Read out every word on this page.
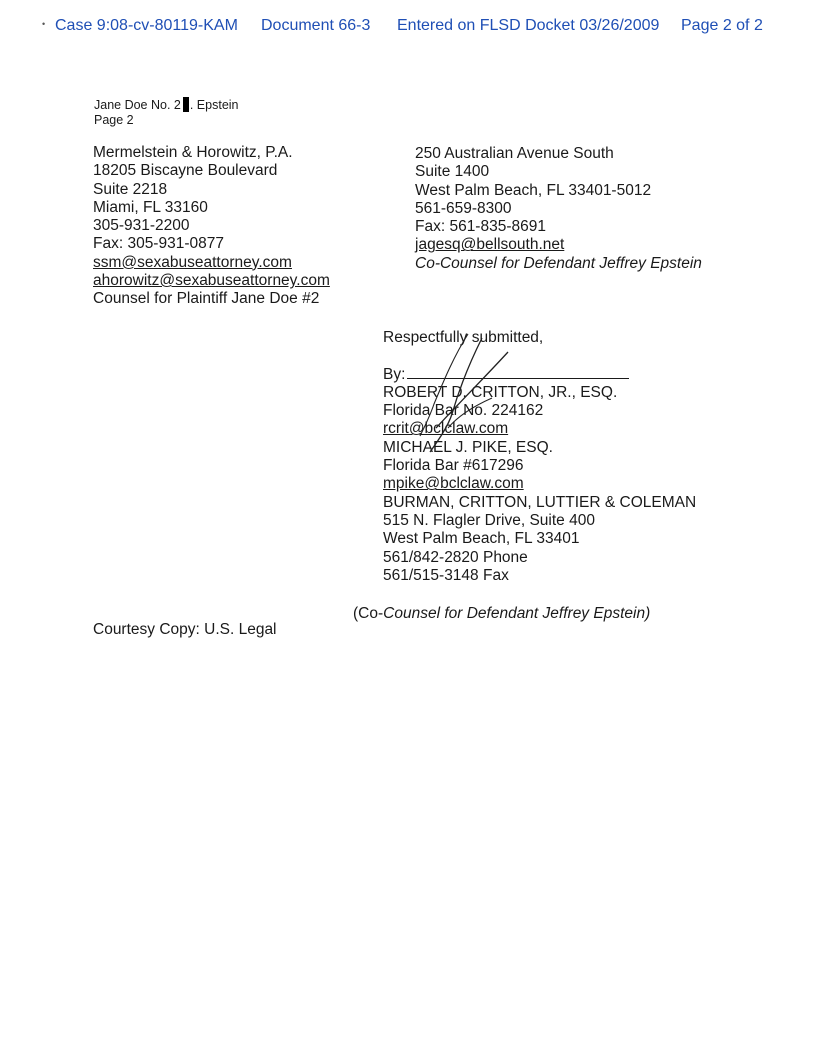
• Case 9:08-cv-80119-KAM Document 66-3 Entered on FLSD Docket 03/26/2009 Page 2 of 2
Jane Doe No. 2 . Epstein
Page 2
Mermelstein & Horowitz, P.A.
18205 Biscayne Boulevard
Suite 2218
Miami, FL 33160
305-931-2200
Fax: 305-931-0877
ssm@sexabuseattorney.com
ahorowitz@sexabuseattorney.com
Counsel for Plaintiff Jane Doe #2
250 Australian Avenue South
Suite 1400
West Palm Beach, FL 33401-5012
561-659-8300
Fax: 561-835-8691
jagesq@bellsouth.net
Co-Counsel for Defendant Jeffrey Epstein
Respectfully submitted,
By:
ROBERT D. CRITTON, JR., ESQ.
Florida Bar No. 224162
rcrit@bclclaw.com
MICHAEL J. PIKE, ESQ.
Florida Bar #617296
mpike@bclclaw.com
BURMAN, CRITTON, LUTTIER & COLEMAN
515 N. Flagler Drive, Suite 400
West Palm Beach, FL 33401
561/842-2820 Phone
561/515-3148 Fax
(Co-Counsel for Defendant Jeffrey Epstein)
Courtesy Copy: U.S. Legal
